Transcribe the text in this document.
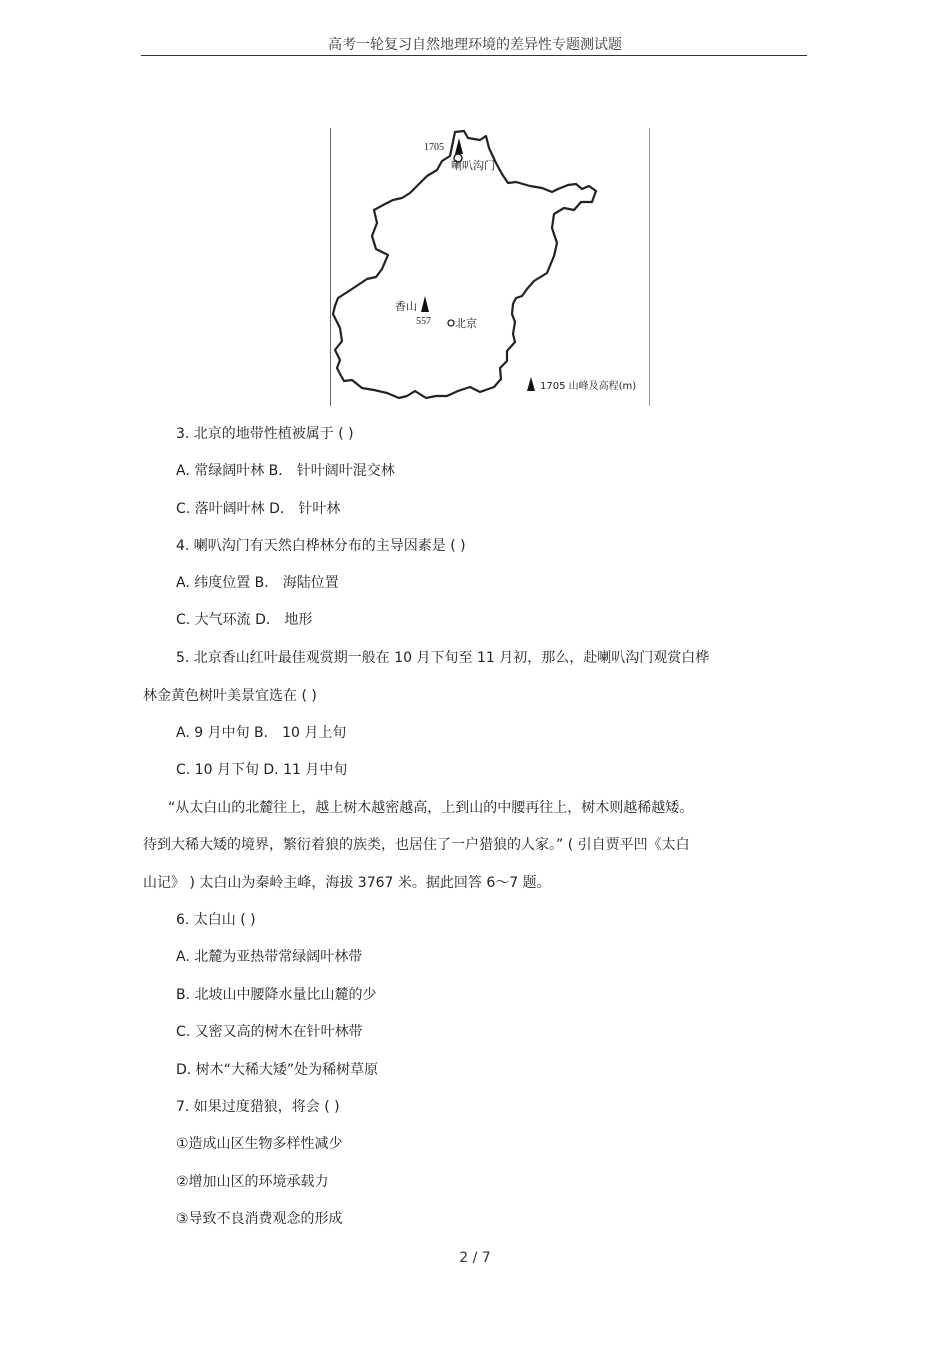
高考一轮复习自然地理环境的差异性专题测试题
1705
喇叭沟门
香山
557 北京
1705 山峰及高程(m)
3. 北京的地带性植被属于 ( )
A. 常绿阔叶林 B． 针叶阔叶混交林
C. 落叶阔叶林 D． 针叶林
4. 喇叭沟门有天然白桦林分布的主导因素是 ( )
A. 纬度位置 B． 海陆位置
C. 大气环流 D． 地形
5. 北京香山红叶最佳观赏期一般在 10 月下旬至 11 月初，那么，赴喇叭沟门观赏白桦
林金黄色树叶美景宜选在 ( )
A. 9 月中旬 B． 10 月上旬
C. 10 月下旬 D. 11 月中旬
“从太白山的北麓往上，越上树木越密越高，上到山的中腰再往上，树木则越稀越矮。
待到大稀大矮的境界，繁衍着狼的族类，也居住了一户猎狼的人家。” ( 引自贾平凹《太白
山记》 ) 太白山为秦岭主峰，海拔 3767 米。据此回答 6～7 题。
6. 太白山 ( )
A. 北麓为亚热带常绿阔叶林带
B. 北坡山中腰降水量比山麓的少
C. 又密又高的树木在针叶林带
D. 树木“大稀大矮”处为稀树草原
7. 如果过度猎狼，将会 ( )
①造成山区生物多样性减少
②增加山区的环境承载力
③导致不良消费观念的形成
2 / 7
